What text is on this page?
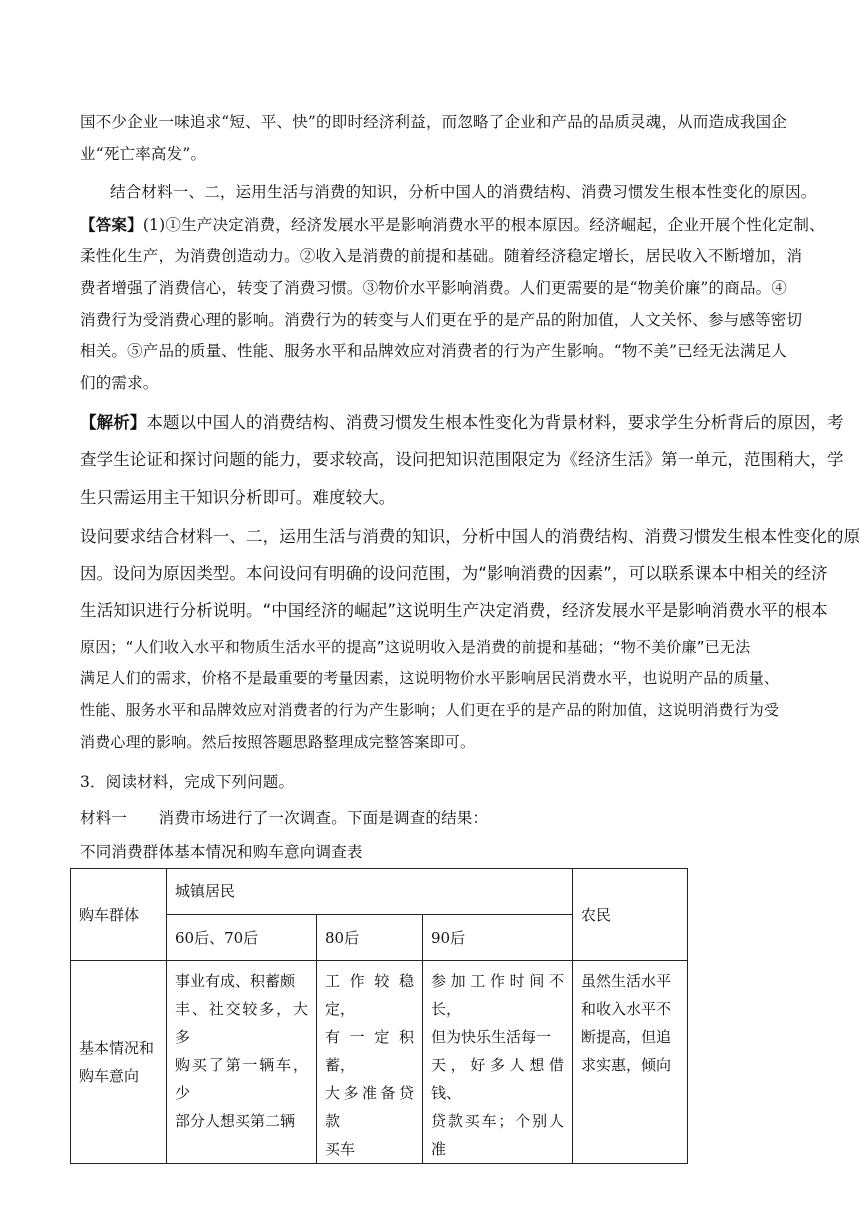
国不少企业一味追求“短、平、快”的即时经济利益，而忽略了企业和产品的品质灵魂，从而造成我国企
业“死亡率高发”。
结合材料一、二，运用生活与消费的知识，分析中国人的消费结构、消费习惯发生根本性变化的原因。
【答案】(1)①生产决定消费，经济发展水平是影响消费水平的根本原因。经济崛起，企业开展个性化定制、
柔性化生产，为消费创造动力。②收入是消费的前提和基础。随着经济稳定增长，居民收入不断增加，消
费者增强了消费信心，转变了消费习惯。③物价水平影响消费。人们更需要的是“物美价廉”的商品。④
消费行为受消费心理的影响。消费行为的转变与人们更在乎的是产品的附加值，人文关怀、参与感等密切
相关。⑤产品的质量、性能、服务水平和品牌效应对消费者的行为产生影响。“物不美”已经无法满足人
们的需求。
【解析】本题以中国人的消费结构、消费习惯发生根本性变化为背景材料，要求学生分析背后的原因，考
查学生论证和探讨问题的能力，要求较高，设问把知识范围限定为《经济生活》第一单元，范围稍大，学
生只需运用主干知识分析即可。难度较大。
设问要求结合材料一、二，运用生活与消费的知识，分析中国人的消费结构、消费习惯发生根本性变化的原
因。设问为原因类型。本问设问有明确的设问范围，为“影响消费的因素”，可以联系课本中相关的经济
生活知识进行分析说明。“中国经济的崛起”这说明生产决定消费，经济发展水平是影响消费水平的根本
原因；“人们收入水平和物质生活水平的提高”这说明收入是消费的前提和基础；“物不美价廉”已无法
满足人们的需求，价格不是最重要的考量因素，这说明物价水平影响居民消费水平，也说明产品的质量、
性能、服务水平和品牌效应对消费者的行为产生影响；人们更在乎的是产品的附加值，这说明消费行为受
消费心理的影响。然后按照答题思路整理成完整答案即可。
3．阅读材料，完成下列问题。
材料一　　消费市场进行了一次调查。下面是调查的结果：
不同消费群体基本情况和购车意向调查表
购车群体	城镇居民			农民
	60后、70后	80后	90后	

基本情况和
购车意向	事业有成、积蓄颇
丰、社交较多，大多
购买了第一辆车，少
部分人想买第二辆	工作较稳定，
有一定积蓄，
大多准备贷款
买车	参加工作时间不长，
但为快乐生活每一
天，好多人想借钱、
贷款买车；个别人准	虽然生活水平
和收入水平不
断提高，但追
求实惠，倾向
